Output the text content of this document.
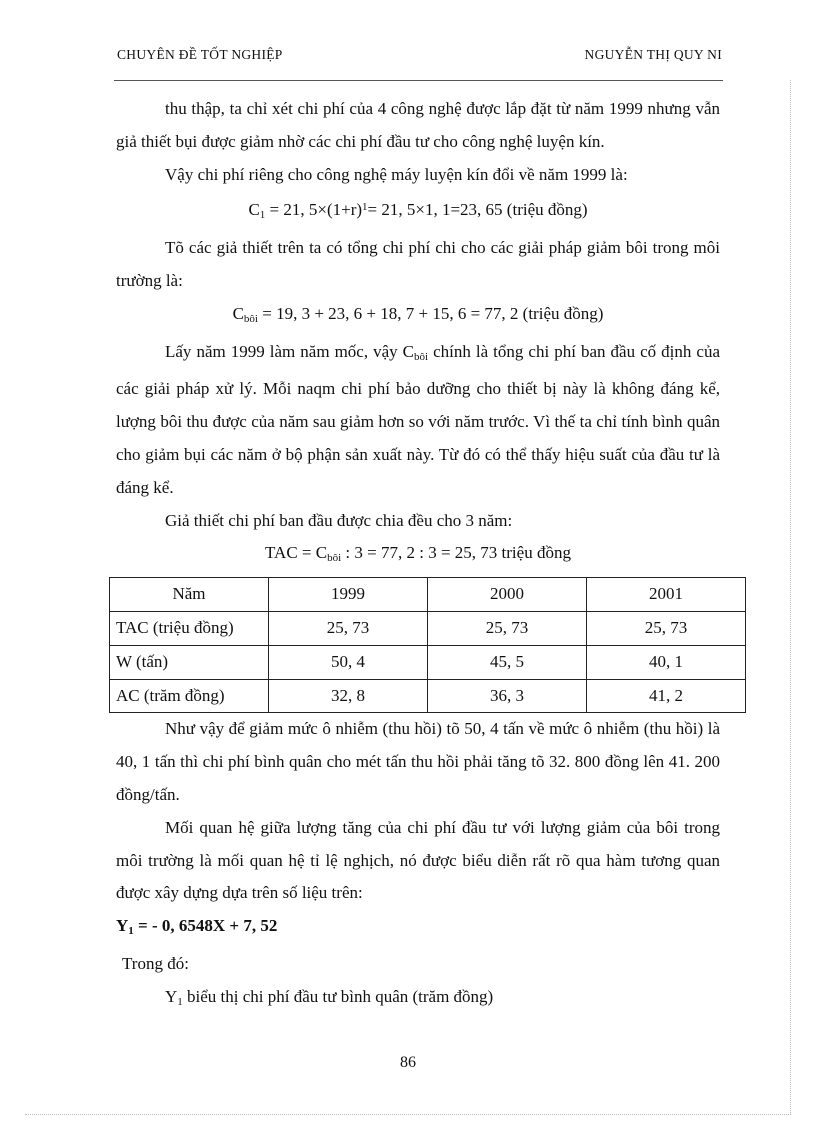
CHUYÊN ĐỀ TỐT NGHIỆP	NGUYỄN THỊ QUY NI

thu thập, ta chỉ xét chi phí của 4 công nghệ được lắp đặt từ năm 1999 nhưng vẫn giả thiết bụi được giảm nhờ các chi phí đầu tư cho công nghệ luyện kín.

Vậy chi phí riêng cho công nghệ máy luyện kín đổi về năm 1999 là:

$C_1 = 21$, $5\times(1+r)^1= 21$, 5×1, 1=23, 65 (triệu đồng)

Tõ các giả thiết trên ta có tổng chi phí chi cho các giải pháp giảm bôi trong môi trường là:

$C_{bôi} = 19$, 3 + 23, 6 + 18, 7 + 15, 6 = 77, 2 (triệu đồng)

Lấy năm 1999 làm năm mốc, vậy $C_{bôi}$ chính là tổng chi phí ban đầu cố định của các giải pháp xử lý. Mỗi naqm chi phí bảo dưỡng cho thiết bị này là không đáng kể, lượng bôi thu được của năm sau giảm hơn so với năm trước. Vì thế ta chỉ tính bình quân cho giảm bụi các năm ở bộ phận sản xuất này. Từ đó có thể thấy hiệu suất của đầu tư là đáng kể.

Giả thiết chi phí ban đầu được chia đều cho 3 năm:

TAC = $C_{bôi}$ : 3 = 77, 2 : 3 = 25, 73 triệu đồng

Năm	1999	2000	2001
TAC (triệu đồng)	25, 73	25, 73	25, 73
W (tấn)	50, 4	45, 5	40, 1
AC (trăm đồng)	32, 8	36, 3	41, 2

Như vậy để giảm mức ô nhiễm (thu hồi) tõ 50, 4 tấn về mức ô nhiễm (thu hồi) là 40, 1 tấn thì chi phí bình quân cho mét tấn thu hồi phải tăng tõ 32. 800 đồng lên 41. 200 đồng/tấn.

Mối quan hệ giữa lượng tăng của chi phí đầu tư với lượng giảm của bôi trong môi trường là mối quan hệ tỉ lệ nghịch, nó được biểu diễn rất rõ qua hàm tương quan được xây dựng dựa trên số liệu trên:

$Y_1$ = - 0, 6548X + 7, 52

Trong đó:

$Y_1$ biểu thị chi phí đầu tư bình quân (trăm đồng)

86
